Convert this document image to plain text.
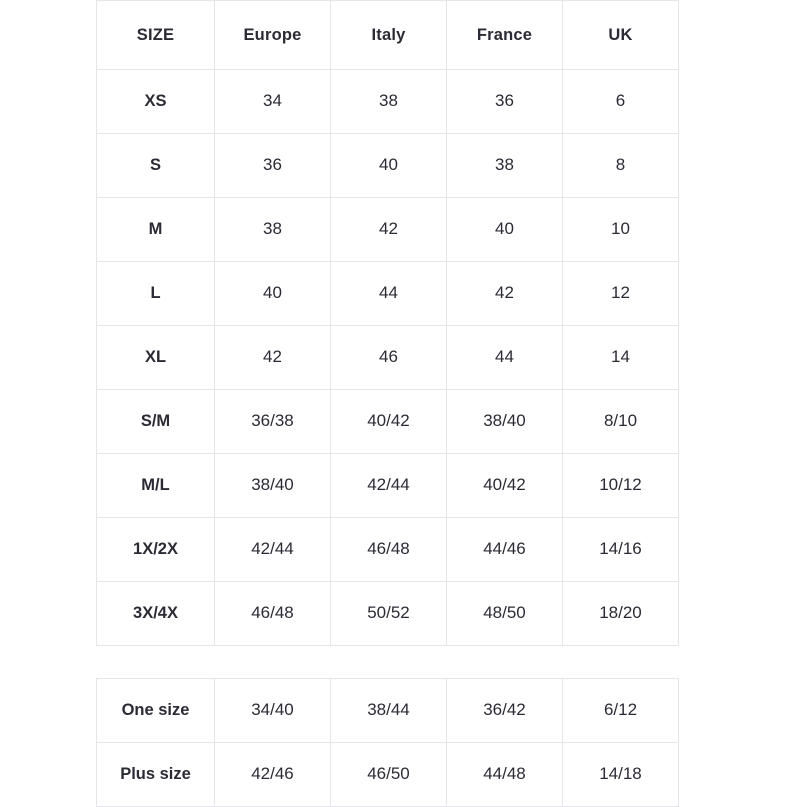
SIZE	Europe	Italy	France	UK

XS	34	38	36	6

S	36	40	38	8

M	38	42	40	10

L	40	44	42	12

XL	42	46	44	14

S/M	36/38	40/42	38/40	8/10

M/L	38/40	42/44	40/42	10/12

1X/2X	42/44	46/48	44/46	14/16

3X/4X	46/48	50/52	48/50	18/20
One size	34/40	38/44	36/42	6/12

Plus size	42/46	46/50	44/48	14/18
